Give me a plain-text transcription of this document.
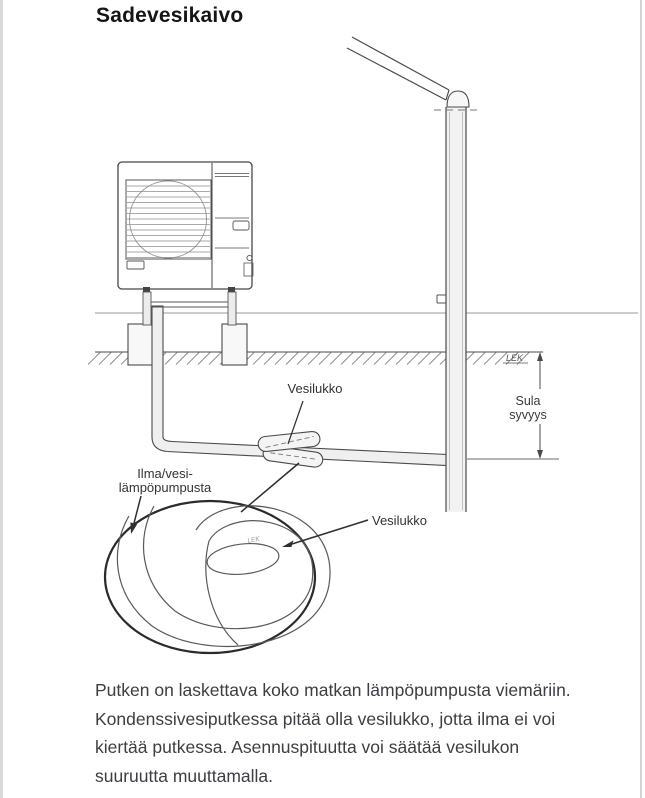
Sadevesikaivo
Sula
syvyys
LEK
LEK
Vesilukko
Ilma/vesi-
lämpöpumpusta
Vesilukko
Putken on laskettava koko matkan lämpöpumpusta viemäriin.
Kondenssivesiputkessa pitää olla vesilukko, jotta ilma ei voi
kiertää putkessa. Asennuspituutta voi säätää vesilukon
suuruutta muuttamalla.
